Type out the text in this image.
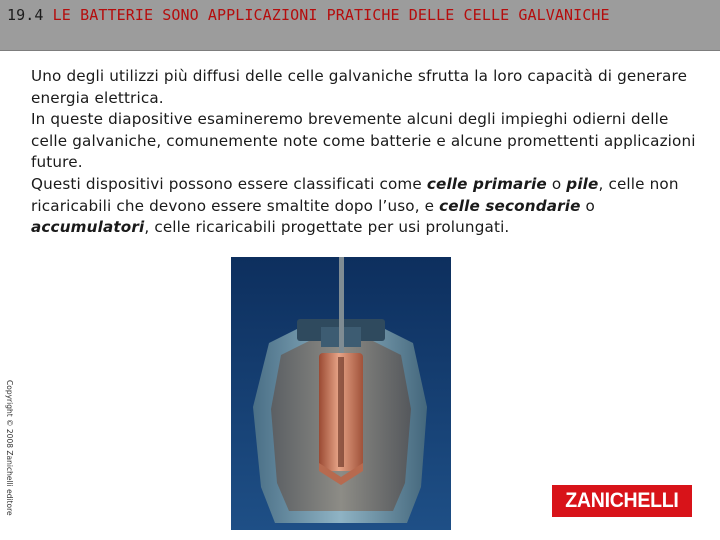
19.4 LE BATTERIE SONO APPLICAZIONI PRATICHE DELLE CELLE GALVANICHE

Uno degli utilizzi più diffusi delle celle galvaniche sfrutta la loro capacità di generare energia elettrica.

In queste diapositive esamineremo brevemente alcuni degli impieghi odierni delle celle galvaniche, comunemente note come batterie e alcune promettenti applicazioni future.

Questi dispositivi possono essere classificati come celle primarie o pile, celle non ricaricabili che devono essere smaltite dopo l’uso, e celle secondarie o accumulatori, celle ricaricabili progettate per usi prolungati.

Copyright © 2008 Zanichelli editore	ZANICHELLI
